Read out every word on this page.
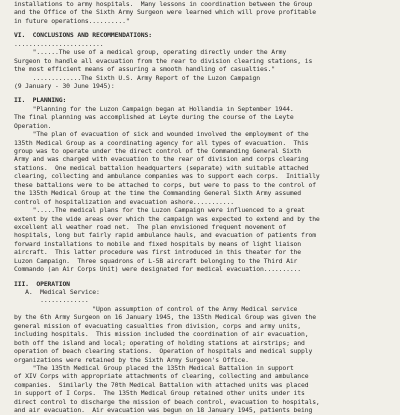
installations to army hospitals.  Many lessons in coordination between the Group
and the Office of the Sixth Army Surgeon were learned which will prove profitable
in future operations.........."
VI.  CONCLUSIONS AND RECOMMENDATIONS:
........................
"......The use of a medical group, operating directly under the Army
Surgeon to handle all evacuation from the rear to division clearing stations, is
the most efficient means of assuring a smooth handling of casualties."
.............The Sixth U.S. Army Report of the Luzon Campaign
(9 January - 30 June 1945):
II.  PLANNING:
"Planning for the Luzon Campaign began at Hollandia in September 1944.
The final planning was accomplished at Leyte during the course of the Leyte
Operation.
"The plan of evacuation of sick and wounded involved the employment of the
135th Medical Group as a coordinating agency for all types of evacuation.  This
group was to operate under the direct control of the Commanding General Sixth
Army and was charged with evacuation to the rear of division and corps clearing
stations.  One medical battalion headquarters (separate) with suitable attached
clearing, collecting and ambulance companies was to support each corps.  Initially
these battalions were to be attached to corps, but were to pass to the control of
the 135th Medical Group at the time the Commanding General Sixth Army assumed
control of hospitalization and evacuation ashore...........
".....The medical plans for the Luzon Campaign were influenced to a great
extent by the wide areas over which the campaign was expected to extend and by the
excellent all weather road net.  The plan envisioned frequent movement of
hospitals, long but fairly rapid ambulance hauls, and evacuation of patients from
forward installations to mobile and fixed hospitals by means of light liaison
aircraft.  This latter procedure was first introduced in this theater for the
Luzon Campaign.  Three squadrons of L-5B aircraft belonging to the Third Air
Commando (an Air Corps Unit) were designated for medical evacuation..........
III.  OPERATION
A.  Medical Service:
.............
"Upon assumption of control of the Army Medical service
by the 6th Army Surgeon on 16 January 1945, the 135th Medical Group was given the
general mission of evacuating casualties from division, corps and army units,
including hospitals.  This mission included the coordination of air evacuation,
both off the island and local; operating of holding stations at airstrips; and
operation of beach clearing stations.  Operation of hospitals and medical supply
organizations were retained by the Sixth Army Surgeon's Office.
"The 135th Medical Group placed the 135th Medical Battalion in support
of XIV Corps with appropriate attachments of clearing, collecting and ambulance
companies.  Similarly the 70th Medical Battalion with attached units was placed
in support of I Corps.  The 135th Medical Group retained other units under its
direct control to discharge the mission of beach control, evacuation to hospitals,
and air evacuation.  Air evacuation was begun on 18 January 1945, patients being
